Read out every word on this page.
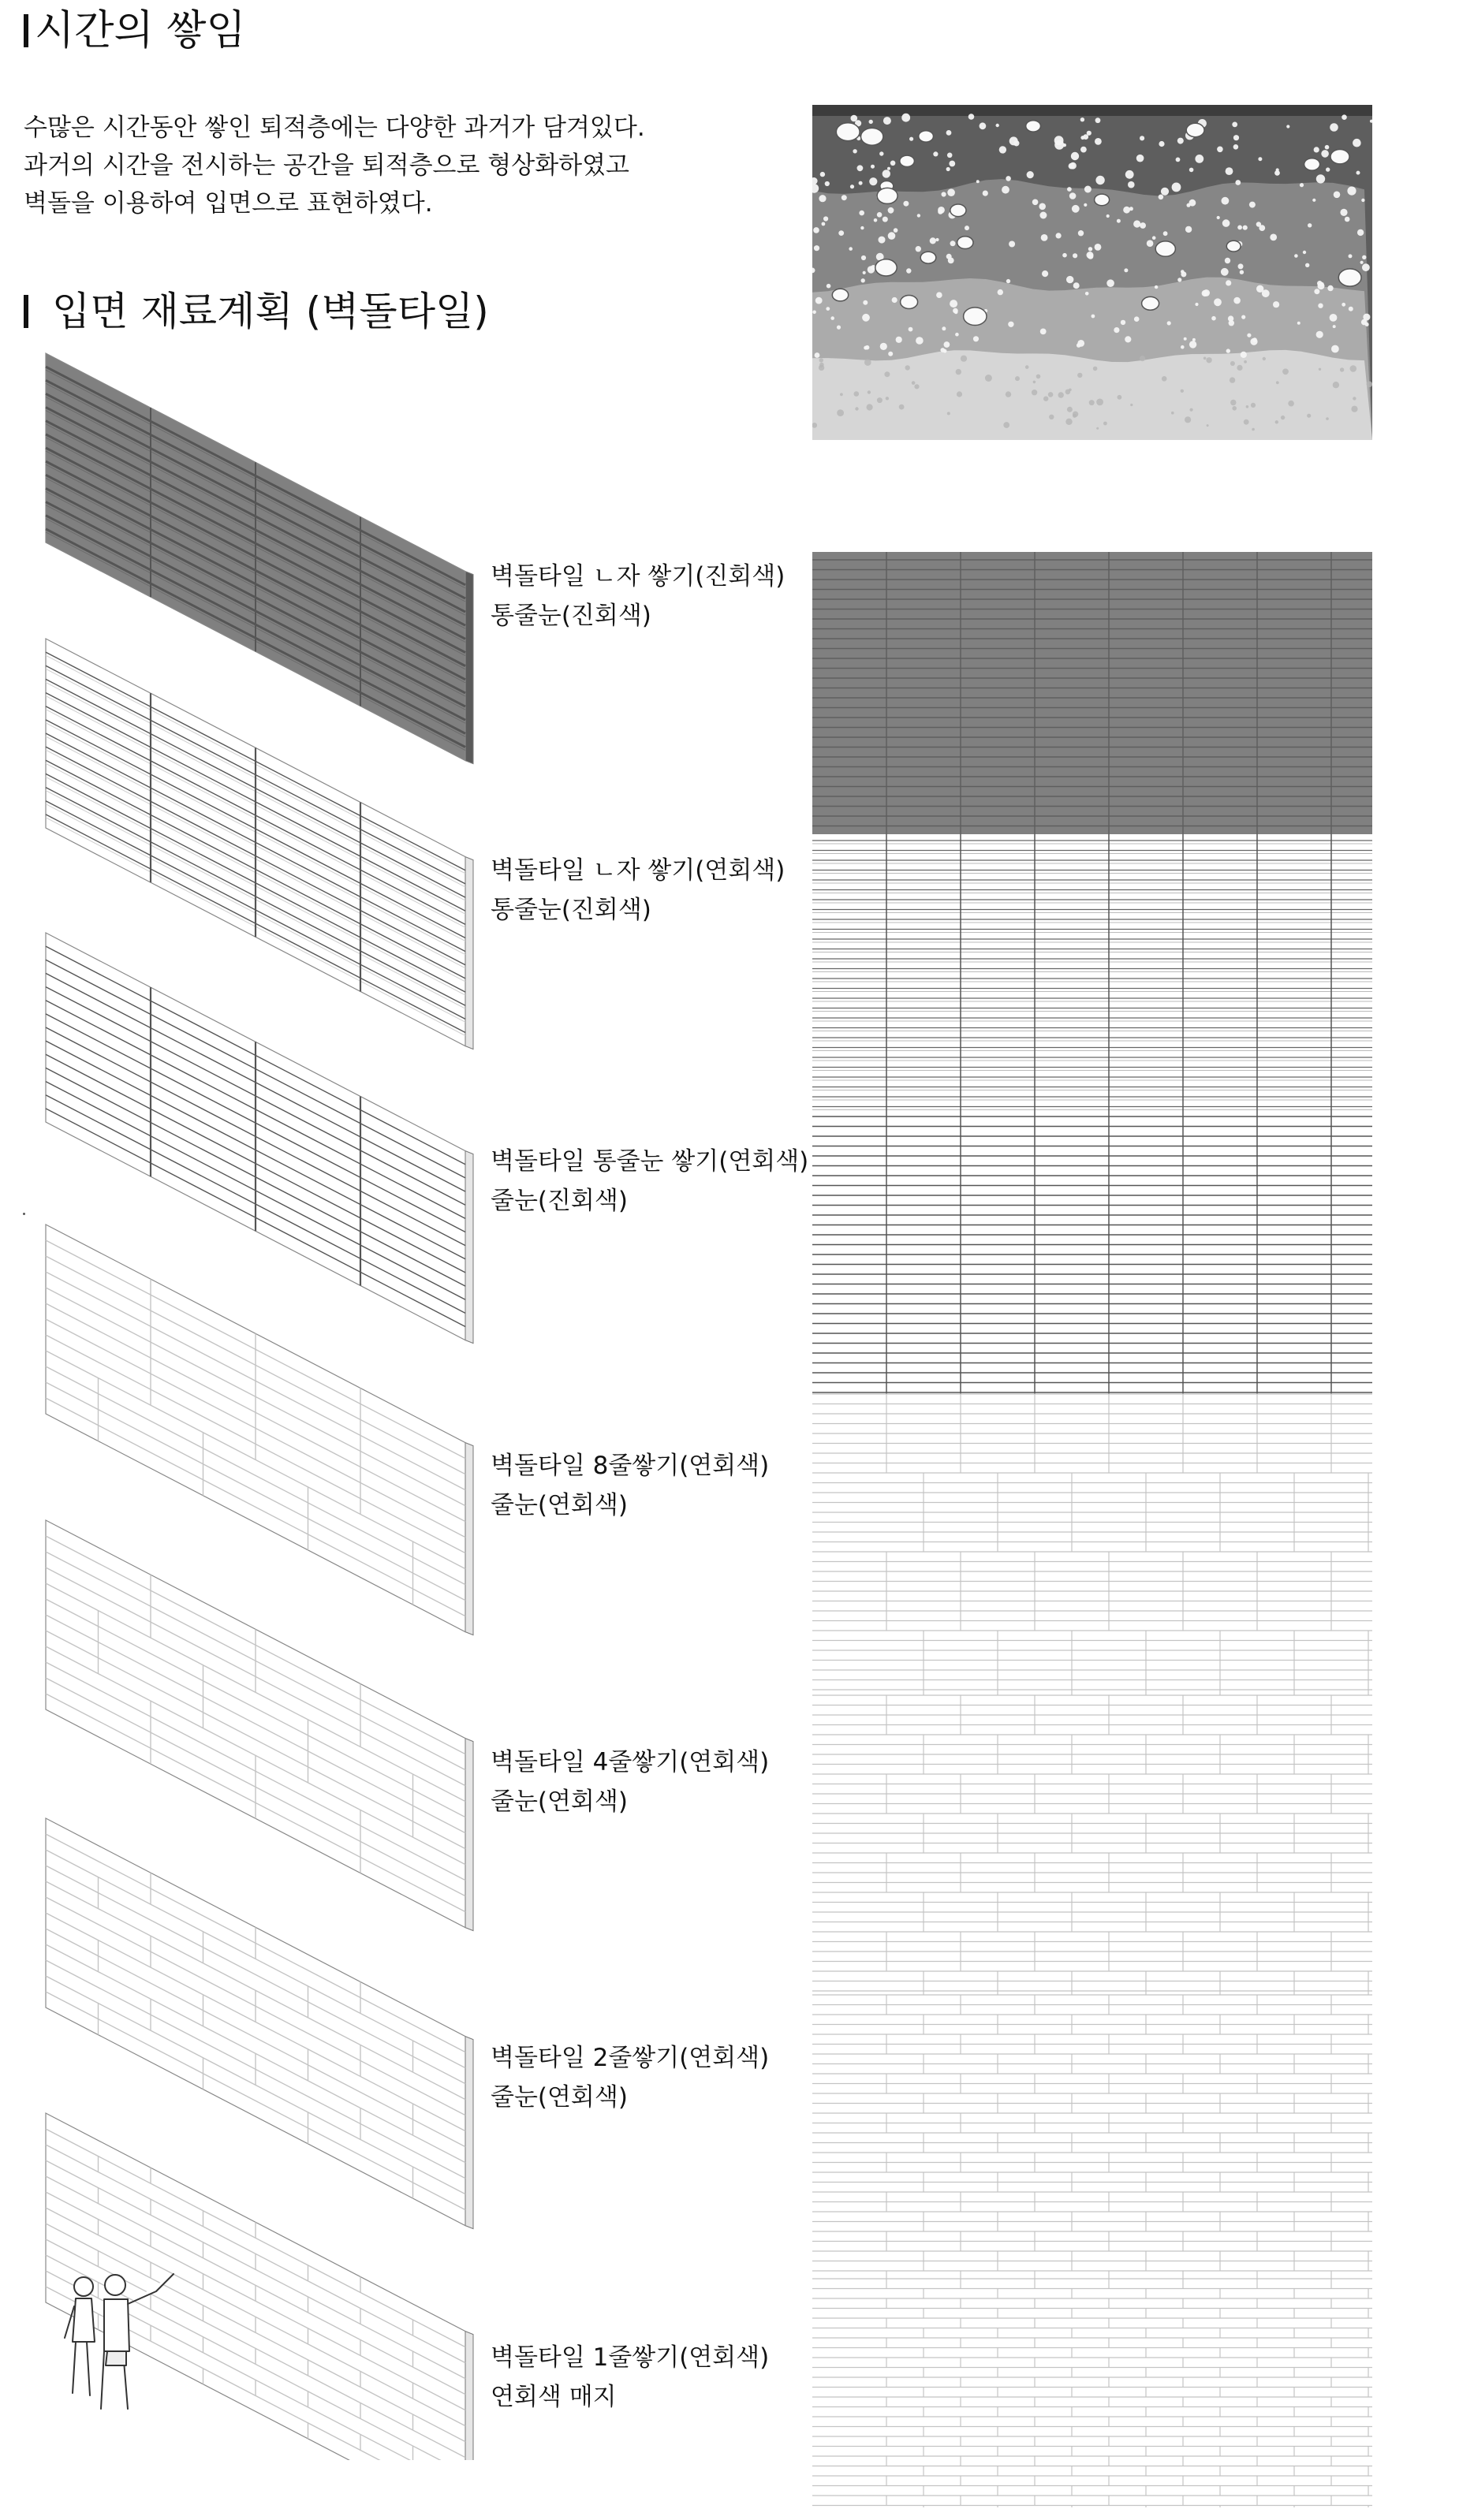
시간의 쌓임
수많은 시간동안 쌓인 퇴적층에는 다양한 과거가 담겨있다.
과거의 시간을 전시하는 공간을 퇴적층으로 형상화하였고
벽돌을 이용하여 입면으로 표현하였다.
입면 재료계획 (벽돌타일)
벽돌타일 ㄴ자 쌓기(진회색)
통줄눈(진회색)
벽돌타일 ㄴ자 쌓기(연회색)
통줄눈(진회색)
벽돌타일 통줄눈 쌓기(연회색)
줄눈(진회색)
벽돌타일 8줄쌓기(연회색)
줄눈(연회색)
벽돌타일 4줄쌓기(연회색)
줄눈(연회색)
벽돌타일 2줄쌓기(연회색)
줄눈(연회색)
벽돌타일 1줄쌓기(연회색)
연회색 매지
